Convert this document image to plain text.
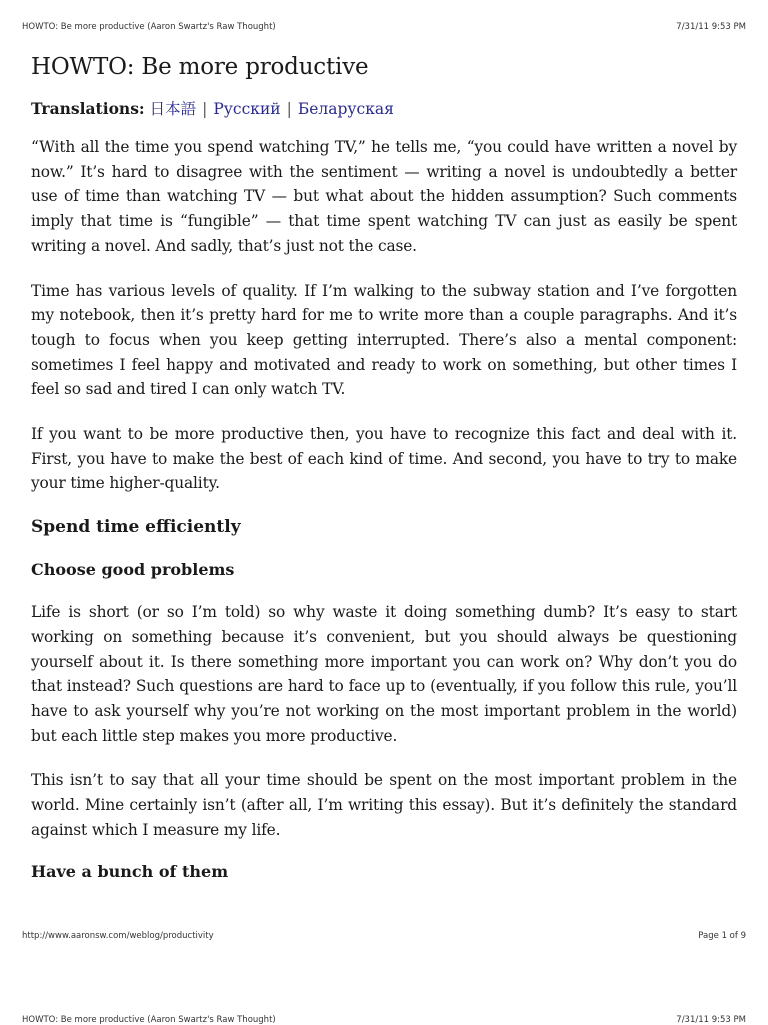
HOWTO: Be more productive (Aaron Swartz's Raw Thought)	7/31/11 9:53 PM
HOWTO: Be more productive
Translations: 日本語 | Русский | Беларуская

“With all the time you spend watching TV,” he tells me, “you could have written a novel by now.” It’s hard to disagree with the sentiment — writing a novel is undoubtedly a better use of time than watching TV — but what about the hidden assumption? Such comments imply that time is “fungible” — that time spent watching TV can just as easily be spent writing a novel. And sadly, that’s just not the case.

Time has various levels of quality. If I’m walking to the subway station and I’ve forgotten my notebook, then it’s pretty hard for me to write more than a couple paragraphs. And it’s tough to focus when you keep getting interrupted. There’s also a mental component: sometimes I feel happy and motivated and ready to work on something, but other times I feel so sad and tired I can only watch TV.

If you want to be more productive then, you have to recognize this fact and deal with it. First, you have to make the best of each kind of time. And second, you have to try to make your time higher-quality.

Spend time efficiently
Choose good problems

Life is short (or so I’m told) so why waste it doing something dumb? It’s easy to start working on something because it’s convenient, but you should always be questioning yourself about it. Is there something more important you can work on? Why don’t you do that instead? Such questions are hard to face up to (eventually, if you follow this rule, you’ll have to ask yourself why you’re not working on the most important problem in the world) but each little step makes you more productive.

This isn’t to say that all your time should be spent on the most important problem in the world. Mine certainly isn’t (after all, I’m writing this essay). But it’s definitely the standard against which I measure my life.

Have a bunch of them
http://www.aaronsw.com/weblog/productivity	Page 1 of 9
HOWTO: Be more productive (Aaron Swartz's Raw Thought)	7/31/11 9:53 PM
